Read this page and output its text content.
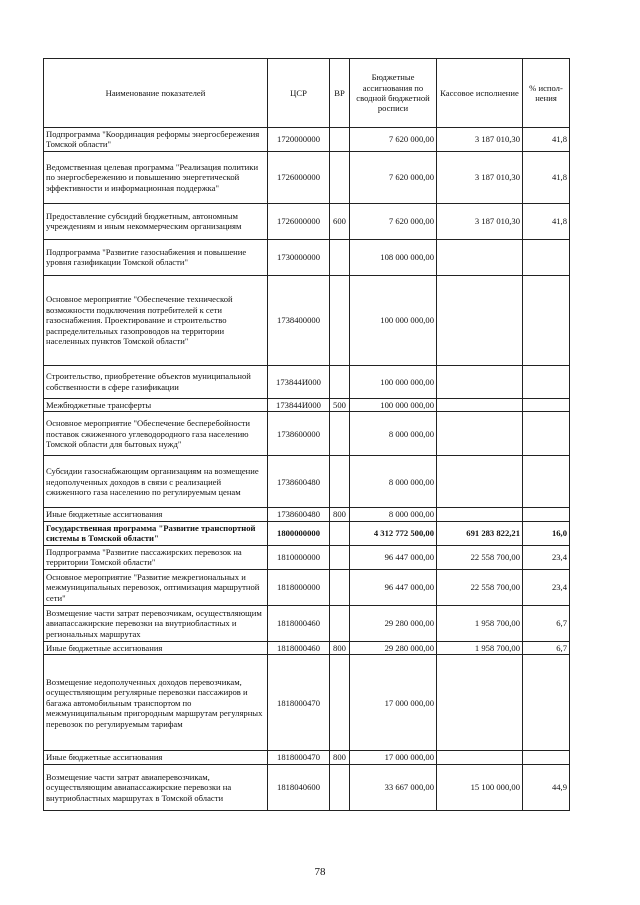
Наименование показателей	ЦСР	ВР	Бюджетные ассигнования по сводной бюджетной росписи	Кассовое исполнение	% испол-нения
Подпрограмма "Координация реформы энергосбережения Томской области"	1720000000		7 620 000,00	3 187 010,30	41,8
Ведомственная целевая программа "Реализация политики по энергосбережению и повышению энергетической эффективности и информационная поддержка"	1726000000		7 620 000,00	3 187 010,30	41,8
Предоставление субсидий бюджетным, автономным учреждениям и иным некоммерческим организациям	1726000000	600	7 620 000,00	3 187 010,30	41,8
Подпрограмма "Развитие газоснабжения и повышение уровня газификации Томской области"	1730000000		108 000 000,00		
Основное мероприятие "Обеспечение технической возможности подключения потребителей к сети газоснабжения. Проектирование и строительство распределительных газопроводов на территории населенных пунктов Томской области"	1738400000		100 000 000,00		
Строительство, приобретение объектов муниципальной собственности в сфере газификации	173844И000		100 000 000,00		
Межбюджетные трансферты	173844И000	500	100 000 000,00		
Основное мероприятие "Обеспечение бесперебойности поставок сжиженного углеводородного газа населению Томской области для бытовых нужд"	1738600000		8 000 000,00		
Субсидии газоснабжающим организациям на возмещение недополученных доходов в связи с реализацией сжиженного газа населению по регулируемым ценам	1738600480		8 000 000,00		
Иные бюджетные ассигнования	1738600480	800	8 000 000,00		
Государственная программа "Развитие транспортной системы в Томской области"	1800000000		4 312 772 500,00	691 283 822,21	16,0
Подпрограмма "Развитие пассажирских перевозок на территории Томской области"	1810000000		96 447 000,00	22 558 700,00	23,4
Основное мероприятие "Развитие межрегиональных и межмуниципальных перевозок, оптимизация маршрутной сети"	1818000000		96 447 000,00	22 558 700,00	23,4
Возмещение части затрат перевозчикам, осуществляющим авиапассажирские перевозки на внутриобластных и региональных маршрутах	1818000460		29 280 000,00	1 958 700,00	6,7
Иные бюджетные ассигнования	1818000460	800	29 280 000,00	1 958 700,00	6,7
Возмещение недополученных доходов перевозчикам, осуществляющим регулярные перевозки пассажиров и багажа автомобильным транспортом по межмуниципальным пригородным маршрутам регулярных перевозок по регулируемым тарифам	1818000470		17 000 000,00		
Иные бюджетные ассигнования	1818000470	800	17 000 000,00		
Возмещение части затрат авиаперевозчикам, осуществляющим авиапассажирские перевозки на внутриобластных маршрутах в Томской области	1818040600		33 667 000,00	15 100 000,00	44,9
78
